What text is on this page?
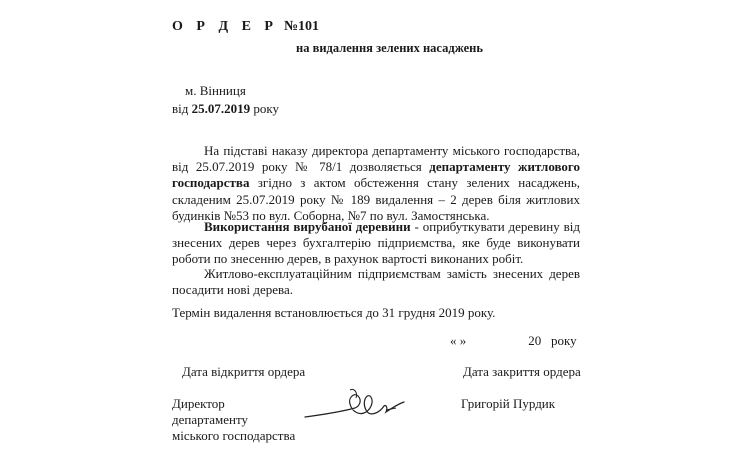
О Р Д Е Р №101
на видалення зелених насаджень
м. Вінниця
від 25.07.2019 року
На підставі наказу директора департаменту міського господарства, від 25.07.2019 року № 78/1 дозволяється департаменту житлового господарства згідно з актом обстеження стану зелених насаджень, складеним 25.07.2019 року № 189 видалення – 2 дерев біля житлових будинків №53 по вул. Соборна, №7 по вул. Замостянська.
Використання вирубаної деревини - оприбуткувати деревину від знесених дерев через бухгалтерію підприємства, яке буде виконувати роботи по знесенню дерев, в рахунок вартості виконаних робіт.
Житлово-експлуатаційним підприємствам замість знесених дерев посадити нові дерева.
Термін видалення встановлюється до 31 грудня 2019 року.
« »	20 року
Дата відкриття ордера	Дата закриття ордера
Директор
департаменту
міського господарства
Григорій Пурдик
